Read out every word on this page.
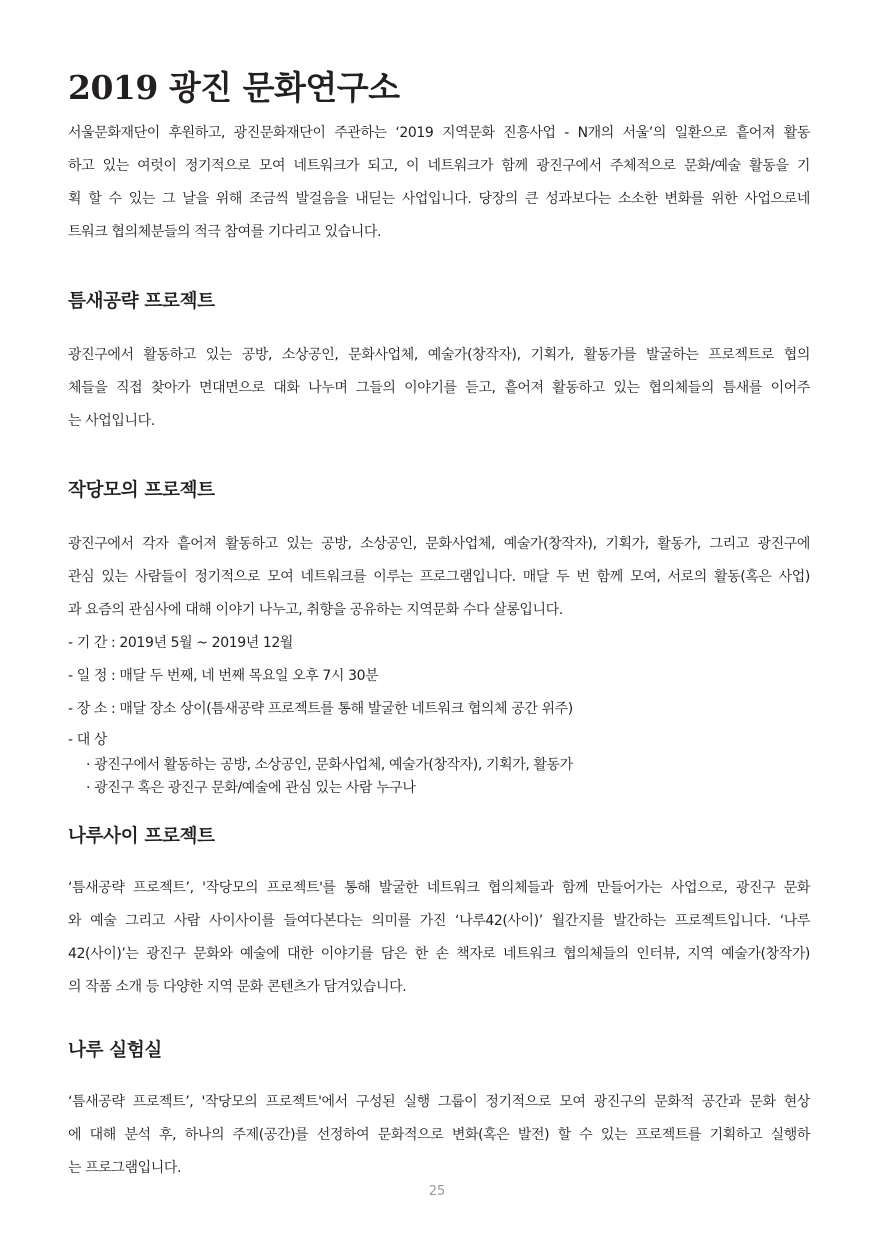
2019 광진 문화연구소
서울문화재단이 후원하고, 광진문화재단이 주관하는 ‘2019 지역문화 진흥사업 - N개의 서울’의 일환으로 흩어져 활동
하고 있는 여럿이 정기적으로 모여 네트워크가 되고, 이 네트워크가 함께 광진구에서 주체적으로 문화/예술 활동을 기
획 할 수 있는 그 날을 위해 조금씩 발걸음을 내딛는 사업입니다. 당장의 큰 성과보다는 소소한 변화를 위한 사업으로네
트워크 협의체분들의 적극 참여를 기다리고 있습니다.
틈새공략 프로젝트
광진구에서 활동하고 있는 공방, 소상공인, 문화사업체, 예술가(창작자), 기획가, 활동가를 발굴하는 프로젝트로 협의
체들을 직접 찾아가 면대면으로 대화 나누며 그들의 이야기를 듣고, 흩어져 활동하고 있는 협의체들의 틈새를 이어주
는 사업입니다.
작당모의 프로젝트
광진구에서 각자 흩어져 활동하고 있는 공방, 소상공인, 문화사업체, 예술가(창작자), 기획가, 활동가, 그리고 광진구에
관심 있는 사람들이 정기적으로 모여 네트워크를 이루는 프로그램입니다. 매달 두 번 함께 모여, 서로의 활동(혹은 사업)
과 요즘의 관심사에 대해 이야기 나누고, 취향을 공유하는 지역문화 수다 살롱입니다.
- 기 간 : 2019년 5월 ~ 2019년 12월
- 일 정 : 매달 두 번째, 네 번째 목요일 오후 7시 30분
- 장 소 : 매달 장소 상이(틈새공략 프로젝트를 통해 발굴한 네트워크 협의체 공간 위주)
- 대 상
· 광진구에서 활동하는 공방, 소상공인, 문화사업체, 예술가(창작자), 기획가, 활동가
· 광진구 혹은 광진구 문화/예술에 관심 있는 사람 누구나
나루사이 프로젝트
‘틈새공략 프로젝트’, '작당모의 프로젝트'를 통해 발굴한 네트워크 협의체들과 함께 만들어가는 사업으로, 광진구 문화
와 예술 그리고 사람 사이사이를 들여다본다는 의미를 가진 ‘나루42(사이)’ 월간지를 발간하는 프로젝트입니다. ‘나루
42(사이)’는 광진구 문화와 예술에 대한 이야기를 담은 한 손 책자로 네트워크 협의체들의 인터뷰, 지역 예술가(창작가)
의 작품 소개 등 다양한 지역 문화 콘텐츠가 담겨있습니다.
나루 실험실
‘틈새공략 프로젝트’, '작당모의 프로젝트'에서 구성된 실행 그룹이 정기적으로 모여 광진구의 문화적 공간과 문화 현상
에 대해 분석 후, 하나의 주제(공간)를 선정하여 문화적으로 변화(혹은 발전) 할 수 있는 프로젝트를 기획하고 실행하
는 프로그램입니다.
25
